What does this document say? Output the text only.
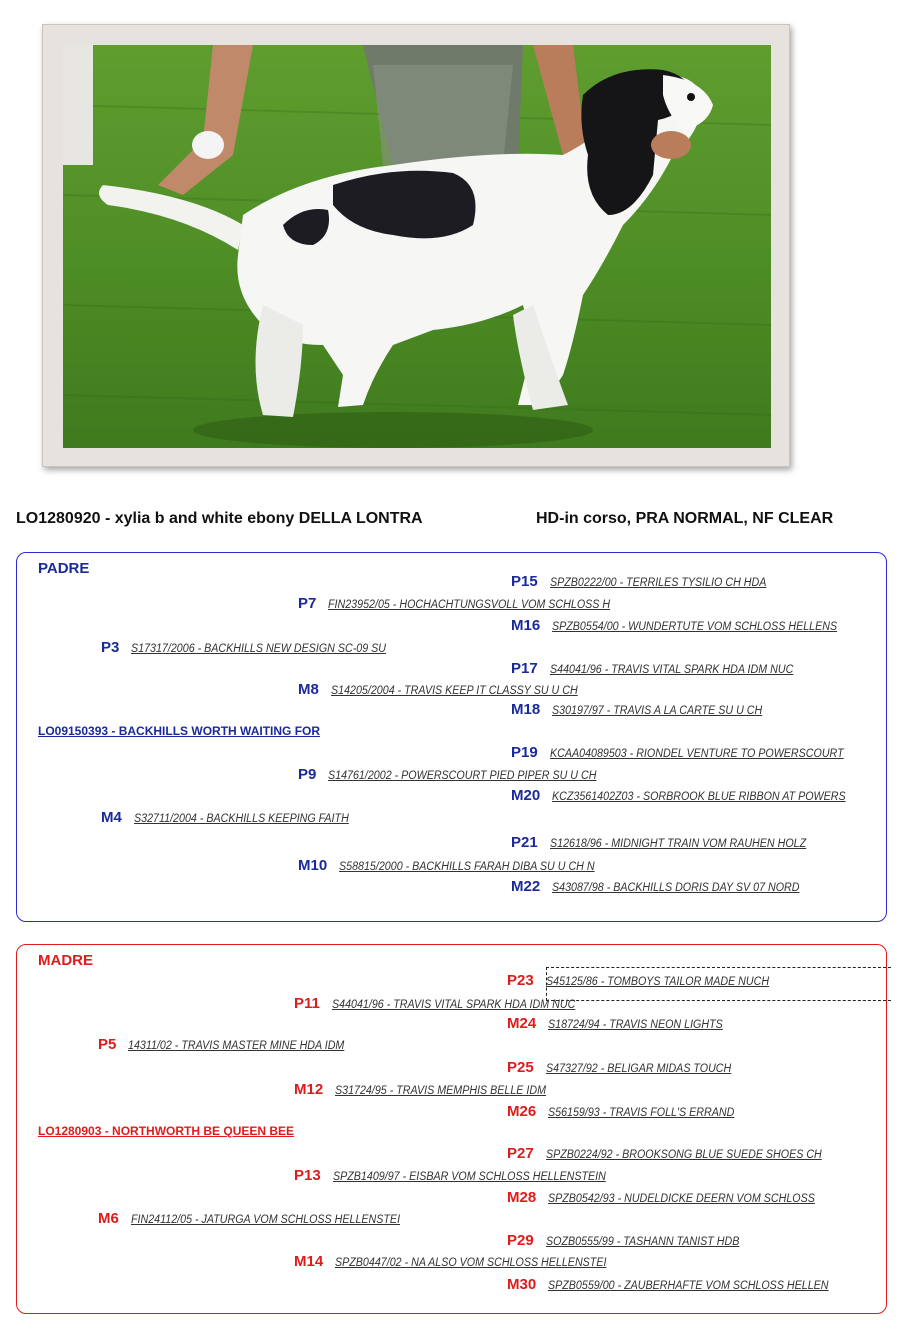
LO1280920 - xylia b and white ebony DELLA LONTRA	HD-in corso, PRA NORMAL, NF CLEAR
PADRE
P15 SPZB0222/00 - TERRILES TYSILIO CH HDA
P7 FIN23952/05 - HOCHACHTUNGSVOLL VOM SCHLOSS H
M16 SPZB0554/00 - WUNDERTUTE VOM SCHLOSS HELLENS
P3 S17317/2006 - BACKHILLS NEW DESIGN SC-09 SU
P17 S44041/96 - TRAVIS VITAL SPARK HDA IDM NUC
M8 S14205/2004 - TRAVIS KEEP IT CLASSY SU U CH
M18 S30197/97 - TRAVIS A LA CARTE SU U CH
LO09150393 - BACKHILLS WORTH WAITING FOR
P19 KCAA04089503 - RIONDEL VENTURE TO POWERSCOURT
P9 S14761/2002 - POWERSCOURT PIED PIPER SU U CH
M20 KCZ3561402Z03 - SORBROOK BLUE RIBBON AT POWERS
M4 S32711/2004 - BACKHILLS KEEPING FAITH
P21 S12618/96 - MIDNIGHT TRAIN VOM RAUHEN HOLZ
M10 S58815/2000 - BACKHILLS FARAH DIBA SU U CH N
M22 S43087/98 - BACKHILLS DORIS DAY SV 07 NORD
MADRE
P23 S45125/86 - TOMBOYS TAILOR MADE NUCH
P11 S44041/96 - TRAVIS VITAL SPARK HDA IDM NUC
M24 S18724/94 - TRAVIS NEON LIGHTS
P5 14311/02 - TRAVIS MASTER MINE HDA IDM
P25 S47327/92 - BELIGAR MIDAS TOUCH
M12 S31724/95 - TRAVIS MEMPHIS BELLE IDM
M26 S56159/93 - TRAVIS FOLL'S ERRAND
LO1280903 - NORTHWORTH BE QUEEN BEE
P27 SPZB0224/92 - BROOKSONG BLUE SUEDE SHOES CH
P13 SPZB1409/97 - EISBAR VOM SCHLOSS HELLENSTEIN
M28 SPZB0542/93 - NUDELDICKE DEERN VOM SCHLOSS
M6 FIN24112/05 - JATURGA VOM SCHLOSS HELLENSTEI
P29 SOZB0555/99 - TASHANN TANIST HDB
M14 SPZB0447/02 - NA ALSO VOM SCHLOSS HELLENSTEI
M30 SPZB0559/00 - ZAUBERHAFTE VOM SCHLOSS HELLEN
